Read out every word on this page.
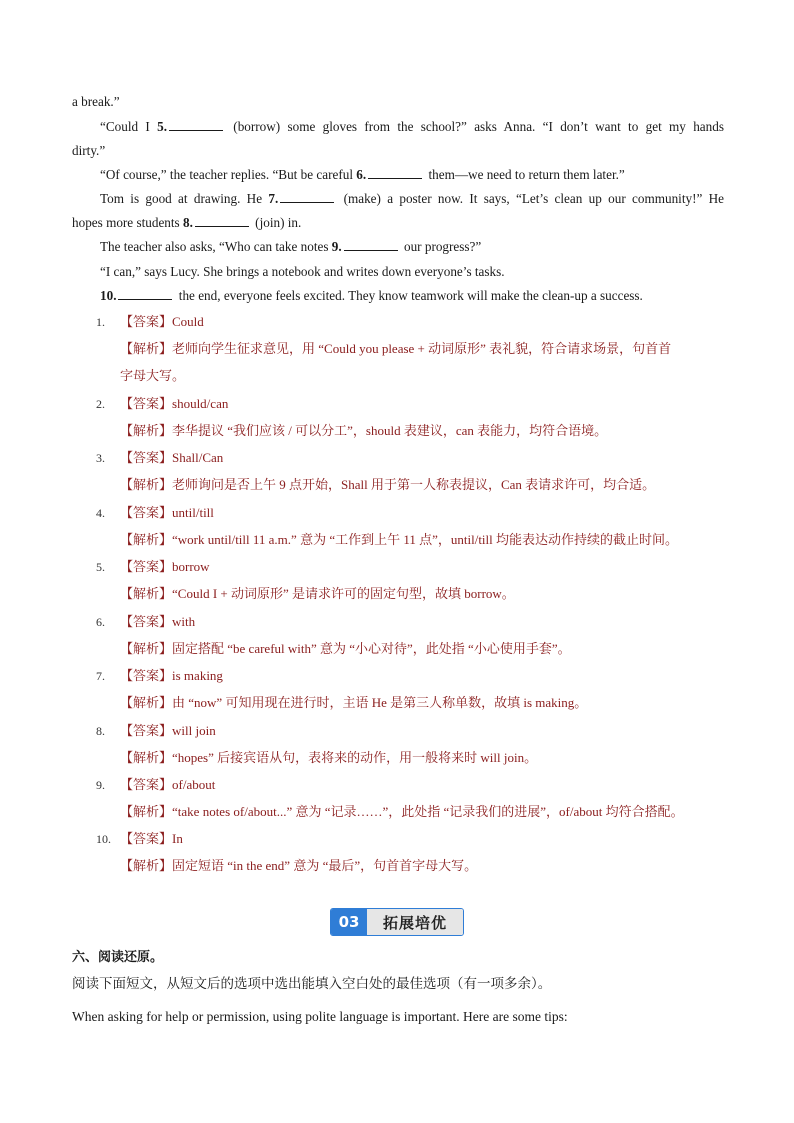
a break.”
“Could I 5.	(borrow) some gloves from the school?” asks Anna. “I don’t want to get my hands
dirty.”
“Of course,” the teacher replies. “But be careful 6.	them—we need to return them later.”
Tom is good at drawing. He 7.	(make) a poster now. It says, “Let’s clean up our community!” He
hopes more students 8.	(join) in.
The teacher also asks, “Who can take notes 9.	our progress?”
“I can,” says Lucy. She brings a notebook and writes down everyone’s tasks.
10.	the end, everyone feels excited. They know teamwork will make the clean-up a success.
1. 【答案】Could
【解析】老师向学生征求意见，用 “Could you please + 动词原形” 表礼貌，符合请求场景，句首首
字母大写。
2. 【答案】should/can
【解析】李华提议 “我们应该 / 可以分工”，should 表建议，can 表能力，均符合语境。
3. 【答案】Shall/Can
【解析】老师询问是否上午 9 点开始，Shall 用于第一人称表提议，Can 表请求许可，均合适。
4. 【答案】until/till
【解析】“work until/till 11 a.m.” 意为 “工作到上午 11 点”，until/till 均能表达动作持续的截止时间。
5. 【答案】borrow
【解析】“Could I + 动词原形” 是请求许可的固定句型，故填 borrow。
6. 【答案】with
【解析】固定搭配 “be careful with” 意为 “小心对待”，此处指 “小心使用手套”。
7. 【答案】is making
【解析】由 “now” 可知用现在进行时，主语 He 是第三人称单数，故填 is making。
8. 【答案】will join
【解析】“hopes” 后接宾语从句，表将来的动作，用一般将来时 will join。
9. 【答案】of/about
【解析】“take notes of/about...” 意为 “记录……”，此处指 “记录我们的进展”，of/about 均符合搭配。
10. 【答案】In
【解析】固定短语 “in the end” 意为 “最后”，句首首字母大写。
03	拓展培优
六、阅读还原。
阅读下面短文，从短文后的选项中选出能填入空白处的最佳选项（有一项多余）。
When asking for help or permission, using polite language is important. Here are some tips:
